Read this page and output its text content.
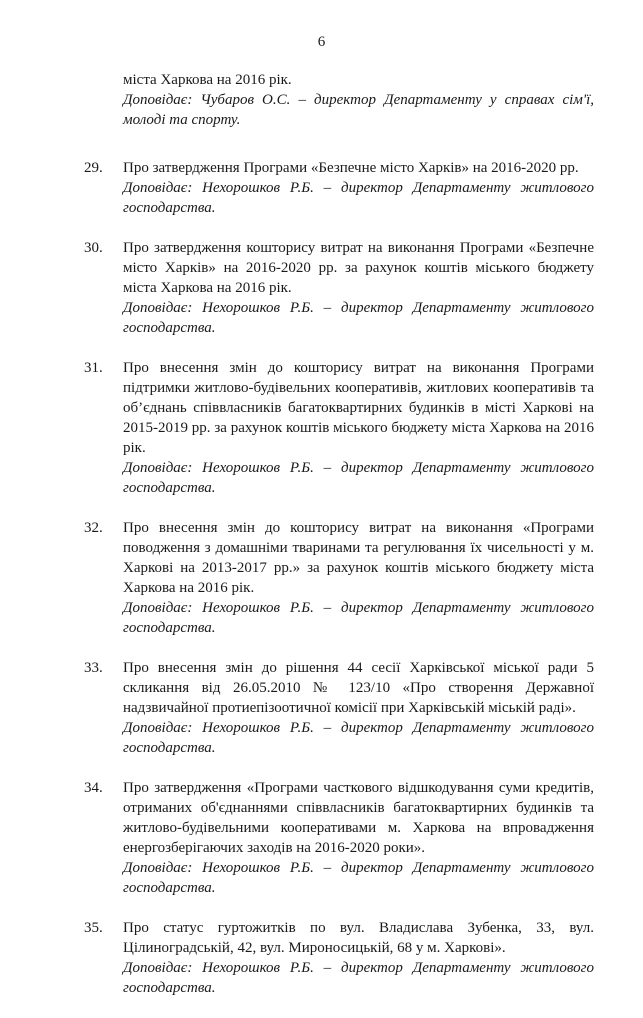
6

міста Харкова на 2016 рік.

Доповідає: Чубаров О.С. – директор Департаменту у справах сім'ї, молоді та спорту.

29. Про затвердження Програми «Безпечне місто Харків» на 2016-2020 рр.

Доповідає: Нехорошков Р.Б. – директор Департаменту житлового господарства.

30. Про затвердження кошторису витрат на виконання Програми «Безпечне місто Харків» на 2016-2020 рр. за рахунок коштів міського бюджету міста Харкова на 2016 рік.

Доповідає: Нехорошков Р.Б. – директор Департаменту житлового господарства.

31. Про внесення змін до кошторису витрат на виконання Програми підтримки житлово-будівельних кооперативів, житлових кооперативів та об’єднань співвласників багатоквартирних будинків в місті Харкові на 2015-2019 рр. за рахунок коштів міського бюджету міста Харкова на 2016 рік.

Доповідає: Нехорошков Р.Б. – директор Департаменту житлового господарства.

32. Про внесення змін до кошторису витрат на виконання «Програми поводження з домашніми тваринами та регулювання їх чисельності у м. Харкові на 2013-2017 рр.» за рахунок коштів міського бюджету міста Харкова на 2016 рік.

Доповідає: Нехорошков Р.Б. – директор Департаменту житлового господарства.

33. Про внесення змін до рішення 44 сесії Харківської міської ради 5 скликання від 26.05.2010 № 123/10 «Про створення Державної надзвичайної протиепізоотичної комісії при Харківській міській раді».

Доповідає: Нехорошков Р.Б. – директор Департаменту житлового господарства.

34. Про затвердження «Програми часткового відшкодування суми кредитів, отриманих об'єднаннями співвласників багатоквартирних будинків та житлово-будівельними кооперативами м. Харкова на впровадження енергозберігаючих заходів на 2016-2020 роки».

Доповідає: Нехорошков Р.Б. – директор Департаменту житлового господарства.

35. Про статус гуртожитків по вул. Владислава Зубенка, 33, вул. Цілиноградській, 42, вул. Мироносицькій, 68 у м. Харкові».

Доповідає: Нехорошков Р.Б. – директор Департаменту житлового господарства.
